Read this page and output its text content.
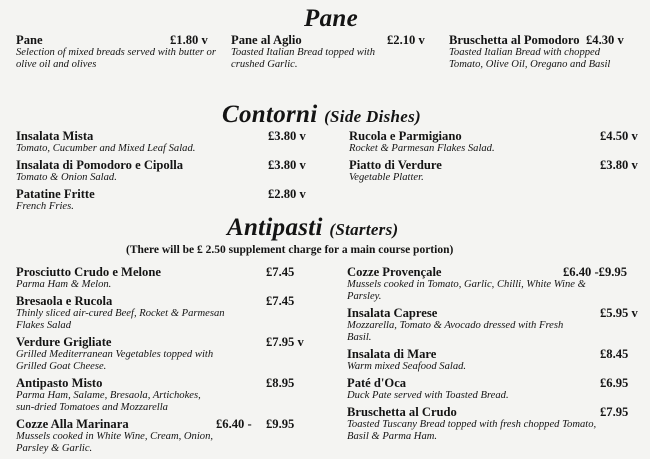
Pane
Pane	£1.80 v
Selection of mixed breads served with butter or olive oil and olives
Pane al Aglio	£2.10 v
Toasted Italian Bread topped with crushed Garlic.
Bruschetta al Pomodoro £4.30 v
Toasted Italian Bread with chopped Tomato, Olive Oil, Oregano and Basil
Contorni (Side Dishes)
Insalata Mista	£3.80 v
Tomato, Cucumber and Mixed Leaf Salad.
Insalata di Pomodoro e Cipolla	£3.80 v
Tomato & Onion Salad.
Patatine Fritte	£2.80 v
French Fries.
Rucola e Parmigiano	£4.50 v
Rocket & Parmesan Flakes Salad.
Piatto di Verdure	£3.80 v
Vegetable Platter.
Antipasti (Starters)
(There will be £ 2.50 supplement charge for a main course portion)
Prosciutto Crudo e Melone	£7.45
Parma Ham & Melon.
Bresaola e Rucola	£7.45
Thinly sliced air-cured Beef, Rocket & Parmesan Flakes Salad
Verdure Grigliate	£7.95 v
Grilled Mediterranean Vegetables topped with Grilled Goat Cheese.
Antipasto Misto	£8.95
Parma Ham, Salame, Bresaola, Artichokes, sun-dried Tomatoes and Mozzarella
Cozze Alla Marinara	£6.40 - £9.95
Mussels cooked in White Wine, Cream, Onion, Parsley & Garlic.
Cozze Provençale	£6.40 -£9.95
Mussels cooked in Tomato, Garlic, Chilli, White Wine & Parsley.
Insalata Caprese	£5.95 v
Mozzarella, Tomato & Avocado dressed with Fresh Basil.
Insalata di Mare	£8.45
Warm mixed Seafood Salad.
Paté d'Oca	£6.95
Duck Pate served with Toasted Bread.
Bruschetta al Crudo	£7.95
Toasted Tuscany Bread topped with fresh chopped Tomato, Basil & Parma Ham.
